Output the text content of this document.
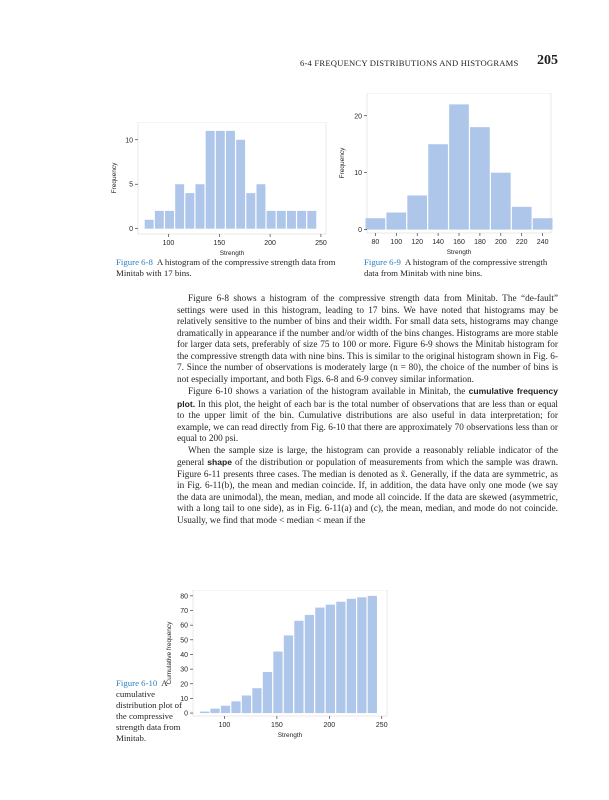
6-4 FREQUENCY DISTRIBUTIONS AND HISTOGRAMS 205
100	150	200	250
0
5
10
Strength
Frequency
80 100 120 140 160 180 200 220 240
0
10
20
Strength
Frequency
Figure 6-8 A histogram of the compressive strength data from Minitab with 17 bins.
Figure 6-9 A histogram of the compressive strength data from Minitab with nine bins.

Figure 6-8 shows a histogram of the compressive strength data from Minitab. The “de-fault” settings were used in this histogram, leading to 17 bins. We have noted that histograms may be relatively sensitive to the number of bins and their width. For small data sets, histograms may change dramatically in appearance if the number and/or width of the bins changes. Histograms are more stable for larger data sets, preferably of size 75 to 100 or more. Figure 6-9 shows the Minitab histogram for the compressive strength data with nine bins. This is similar to the original histogram shown in Fig. 6-7. Since the number of observations is moderately large (n = 80), the choice of the number of bins is not especially important, and both Figs. 6-8 and 6-9 convey similar information.

Figure 6-10 shows a variation of the histogram available in Minitab, the cumulative frequency plot. In this plot, the height of each bar is the total number of observations that are less than or equal to the upper limit of the bin. Cumulative distributions are also useful in data interpretation; for example, we can read directly from Fig. 6-10 that there are approximately 70 observations less than or equal to 200 psi.

When the sample size is large, the histogram can provide a reasonably reliable indicator of the general shape of the distribution or population of measurements from which the sample was drawn. Figure 6-11 presents three cases. The median is denoted as x̃. Generally, if the data are symmetric, as in Fig. 6-11(b), the mean and median coincide. If, in addition, the data have only one mode (we say the data are unimodal), the mean, median, and mode all coincide. If the data are skewed (asymmetric, with a long tail to one side), as in Fig. 6-11(a) and (c), the mean, median, and mode do not coincide. Usually, we find that mode < median < mean if the

100	150	200	250
0
10
20
30
40
50
60
70
80
Strength
Cumulative frequency
Figure 6-10 A cumulative distribution plot of the compressive strength data from Minitab.
